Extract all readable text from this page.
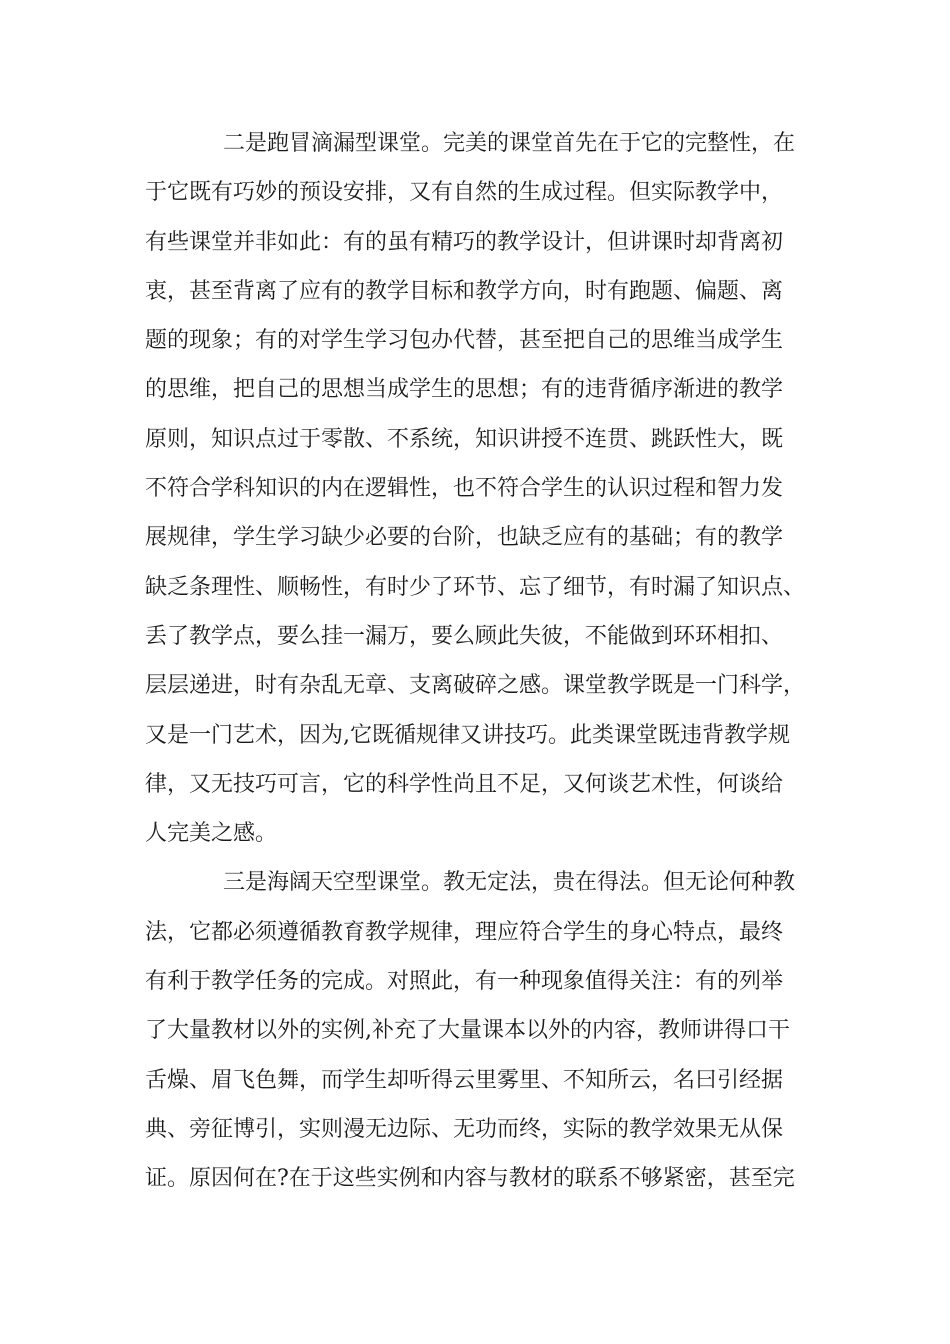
二是跑冒滴漏型课堂。完美的课堂首先在于它的完整性，在
于它既有巧妙的预设安排，又有自然的生成过程。但实际教学中，
有些课堂并非如此：有的虽有精巧的教学设计，但讲课时却背离初
衷，甚至背离了应有的教学目标和教学方向，时有跑题、偏题、离
题的现象；有的对学生学习包办代替，甚至把自己的思维当成学生
的思维，把自己的思想当成学生的思想；有的违背循序渐进的教学
原则，知识点过于零散、不系统，知识讲授不连贯、跳跃性大，既
不符合学科知识的内在逻辑性，也不符合学生的认识过程和智力发
展规律，学生学习缺少必要的台阶，也缺乏应有的基础；有的教学
缺乏条理性、顺畅性，有时少了环节、忘了细节，有时漏了知识点、
丢了教学点，要么挂一漏万，要么顾此失彼，不能做到环环相扣、
层层递进，时有杂乱无章、支离破碎之感。课堂教学既是一门科学，
又是一门艺术，因为,它既循规律又讲技巧。此类课堂既违背教学规
律，又无技巧可言，它的科学性尚且不足，又何谈艺术性，何谈给
人完美之感。
三是海阔天空型课堂。教无定法，贵在得法。但无论何种教
法，它都必须遵循教育教学规律，理应符合学生的身心特点，最终
有利于教学任务的完成。对照此，有一种现象值得关注：有的列举
了大量教材以外的实例,补充了大量课本以外的内容，教师讲得口干
舌燥、眉飞色舞，而学生却听得云里雾里、不知所云，名曰引经据
典、旁征博引，实则漫无边际、无功而终，实际的教学效果无从保
证。原因何在?在于这些实例和内容与教材的联系不够紧密，甚至完
